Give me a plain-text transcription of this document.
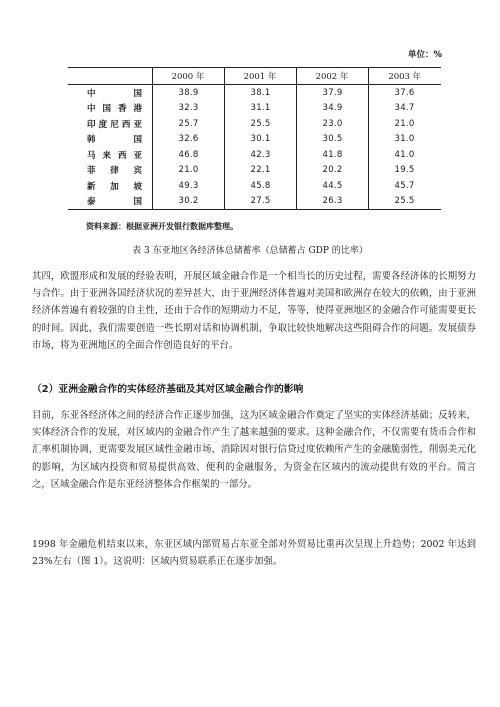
单位：%
	2000 年	2001 年	2002 年	2003 年

中 国	38.9	38.1	37.9	37.6

中 国 香 港	32.3	31.1	34.9	34.7

印 度 尼 西 亚	25.7	25.5	23.0	21.0

韩 国	32.6	30.1	30.5	31.0

马 来 西 亚	46.8	42.3	41.8	41.0

菲 律 宾	21.0	22.1	20.2	19.5

新 加 坡	49.3	45.8	44.5	45.7

泰 国	30.2	27.5	26.3	25.5
资料来源：根据亚洲开发银行数据库整理。
表 3 东亚地区各经济体总储蓄率（总储蓄占 GDP 的比率）

其四，欧盟形成和发展的经验表明，开展区域金融合作是一个相当长的历史过程，需要各经济体的长期努力与合作。由于亚洲各国经济状况的差异甚大，由于亚洲经济体普遍对美国和欧洲存在较大的依赖，由于亚洲经济体普遍有着较强的自主性，还由于合作的短期动力不足，等等，使得亚洲地区的金融合作可能需要更长的时间。因此，我们需要创造一些长期对话和协调机制，争取比较快地解决这些阻碍合作的问题。发展债券市场，将为亚洲地区的全面合作创造良好的平台。

（2）亚洲金融合作的实体经济基础及其对区域金融合作的影响

目前，东亚各经济体之间的经济合作正逐步加强，这为区域金融合作奠定了坚实的实体经济基础；反转来，实体经济合作的发展，对区域内的金融合作产生了越来越强的要求。这种金融合作，不仅需要有货币合作和汇率机制协调，更需要发展区域性金融市场，消除因对银行信贷过度依赖所产生的金融脆弱性，削弱美元化的影响，为区域内投资和贸易提供高效、便利的金融服务，为资金在区域内的流动提供有效的平台。简言之，区域金融合作是东亚经济整体合作框架的一部分。

1998 年金融危机结束以来，东亚区域内部贸易占东亚全部对外贸易比重再次呈现上升趋势；2002 年达到 23%左右（图 1）。这说明：区域内贸易联系正在逐步加强。
